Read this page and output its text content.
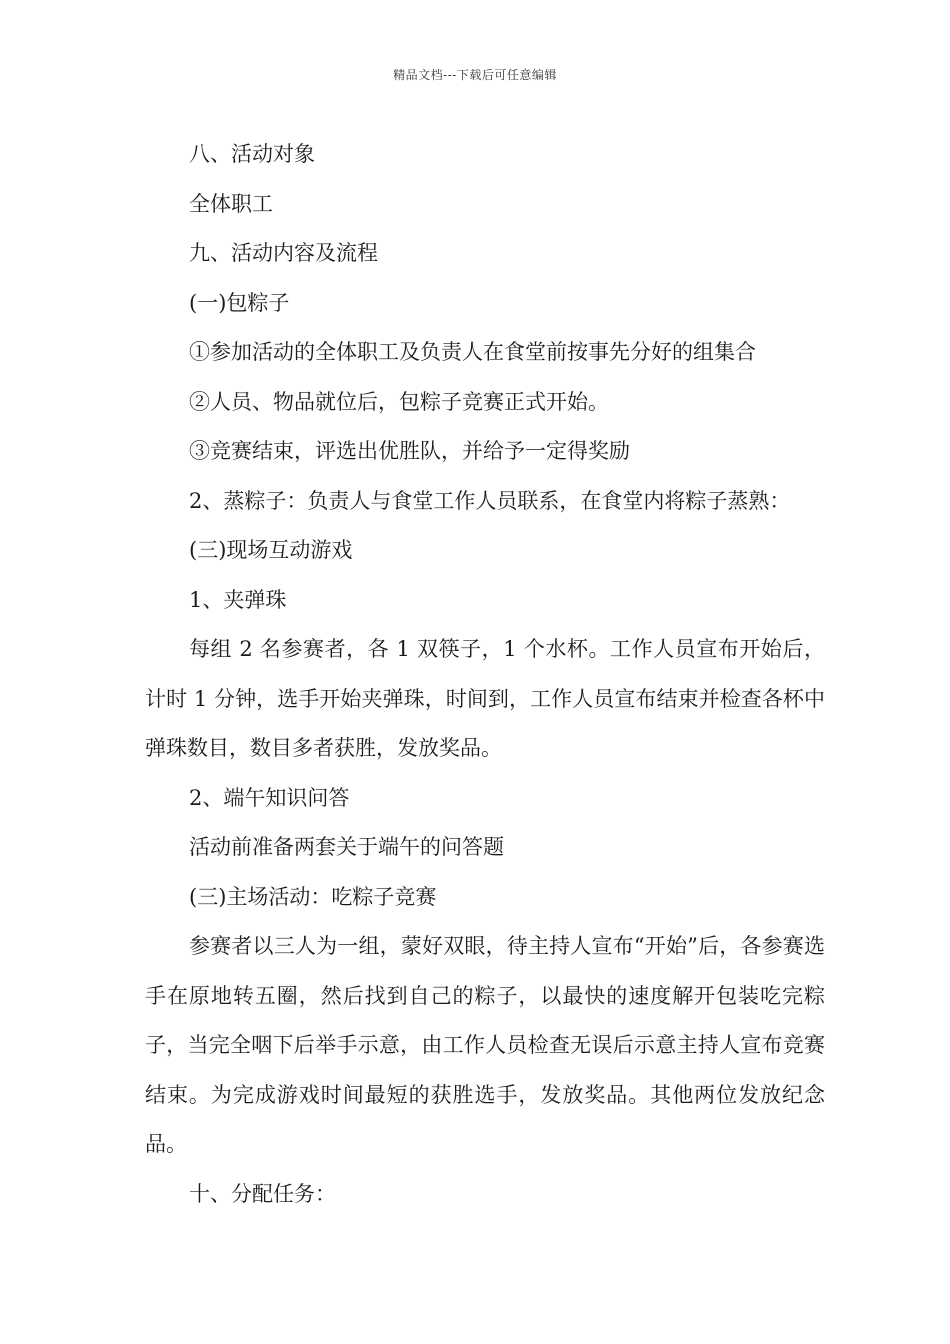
精品文档---下载后可任意编辑

八、活动对象

全体职工

九、活动内容及流程

(一)包粽子

①参加活动的全体职工及负责人在食堂前按事先分好的组集合

②人员、物品就位后，包粽子竞赛正式开始。

③竞赛结束，评选出优胜队，并给予一定得奖励

2、蒸粽子：负责人与食堂工作人员联系，在食堂内将粽子蒸熟：

(三)现场互动游戏

1、夹弹珠

每组 2 名参赛者，各 1 双筷子，1 个水杯。工作人员宣布开始后，计时 1 分钟，选手开始夹弹珠，时间到，工作人员宣布结束并检查各杯中弹珠数目，数目多者获胜，发放奖品。

2、端午知识问答

活动前准备两套关于端午的问答题

(三)主场活动：吃粽子竞赛

参赛者以三人为一组，蒙好双眼，待主持人宣布“开始”后，各参赛选手在原地转五圈，然后找到自己的粽子，以最快的速度解开包装吃完粽子，当完全咽下后举手示意，由工作人员检查无误后示意主持人宣布竞赛结束。为完成游戏时间最短的获胜选手，发放奖品。其他两位发放纪念品。

十、分配任务：
